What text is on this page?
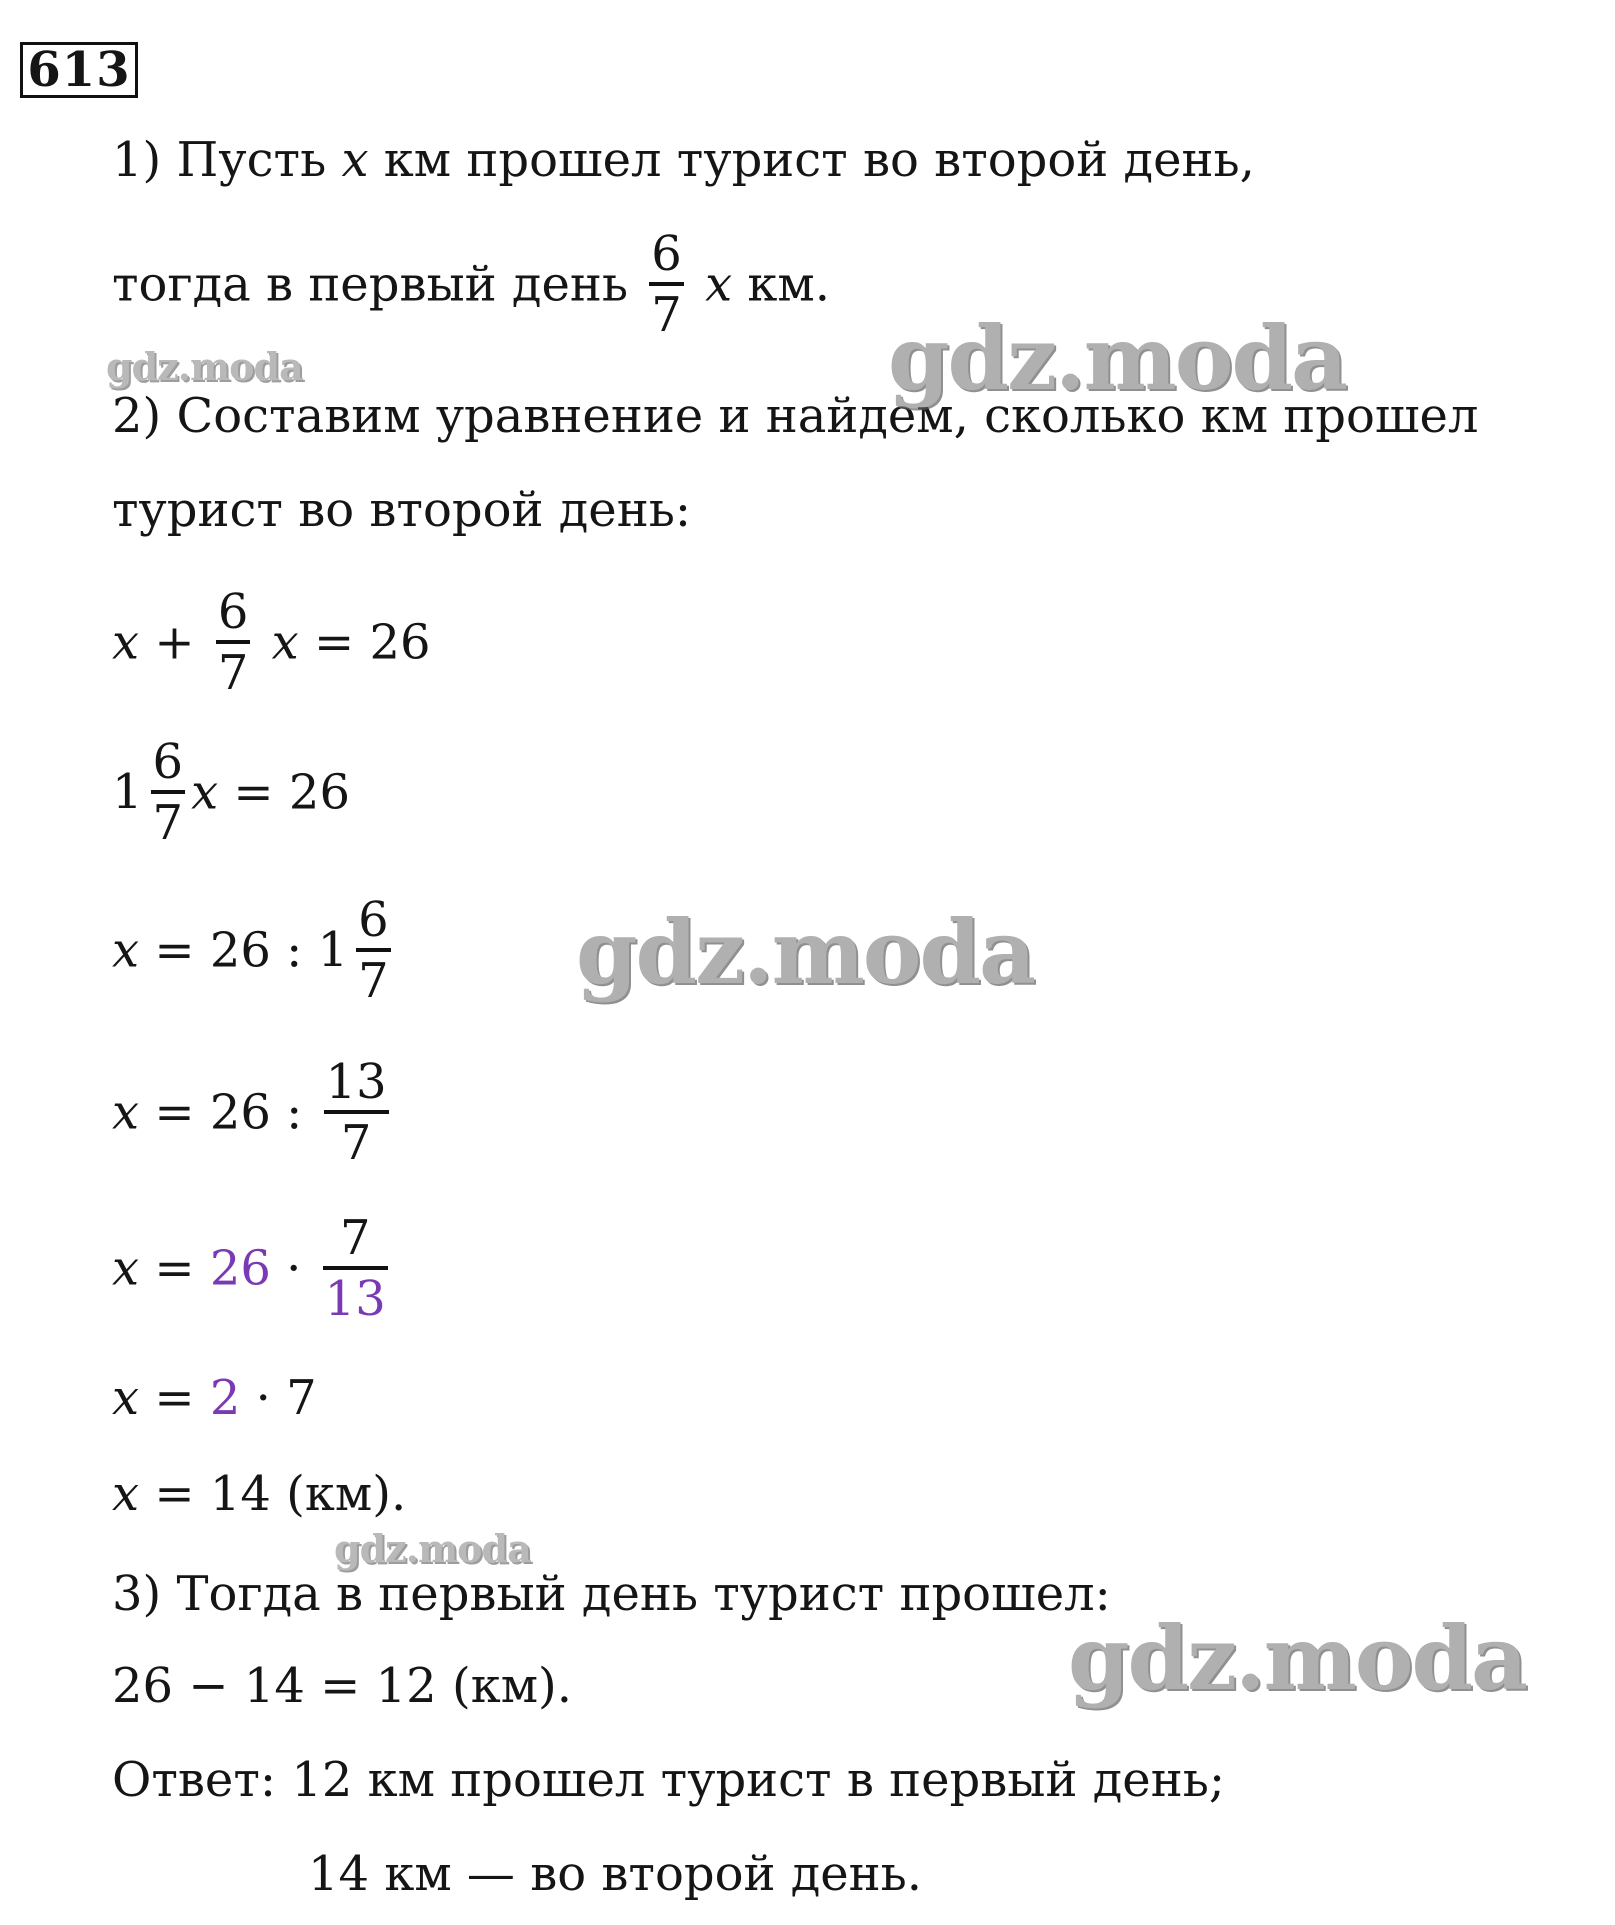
613
1) Пусть x км прошел турист во второй день,
тогда в первый день $\frac{6}{7}$ x км.
2) Составим уравнение и найдем, сколько км прошел
турист во второй день:
$x + \frac{6}{7}$ x = 26
$1 \frac{6}{7}$ x = 26
x = 26 : $1 \frac{6}{7}$
x = 26 : $\frac{13}{7}$
$x = 26 \cdot \frac{7}{13}$
x = 2 · 7
x = 14 (км).
3) Тогда в первый день турист прошел:
26 − 14 = 12 (км).
Ответ: 12 км прошел турист в первый день;
14 км — во второй день.
gdz.moda	gdz.moda
gdz.moda
gdz.moda
gdz.moda
